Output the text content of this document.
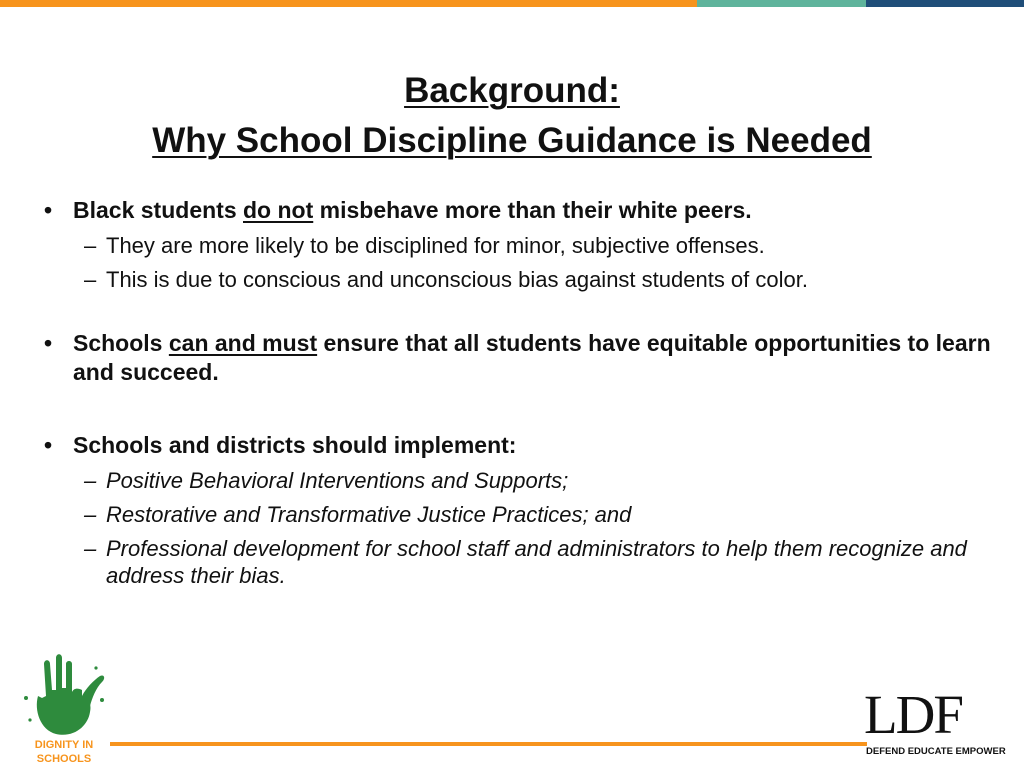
Background:
Why School Discipline Guidance is Needed
• Black students do not misbehave more than their white peers.
– They are more likely to be disciplined for minor, subjective offenses.
– This is due to conscious and unconscious bias against students of color.
• Schools can and must ensure that all students have equitable opportunities to learn and succeed.
• Schools and districts should implement:
– Positive Behavioral Interventions and Supports;
– Restorative and Transformative Justice Practices; and
– Professional development for school staff and administrators to help them recognize and address their bias.
DIGNITY IN SCHOOLS
LDF
DEFEND EDUCATE EMPOWER
